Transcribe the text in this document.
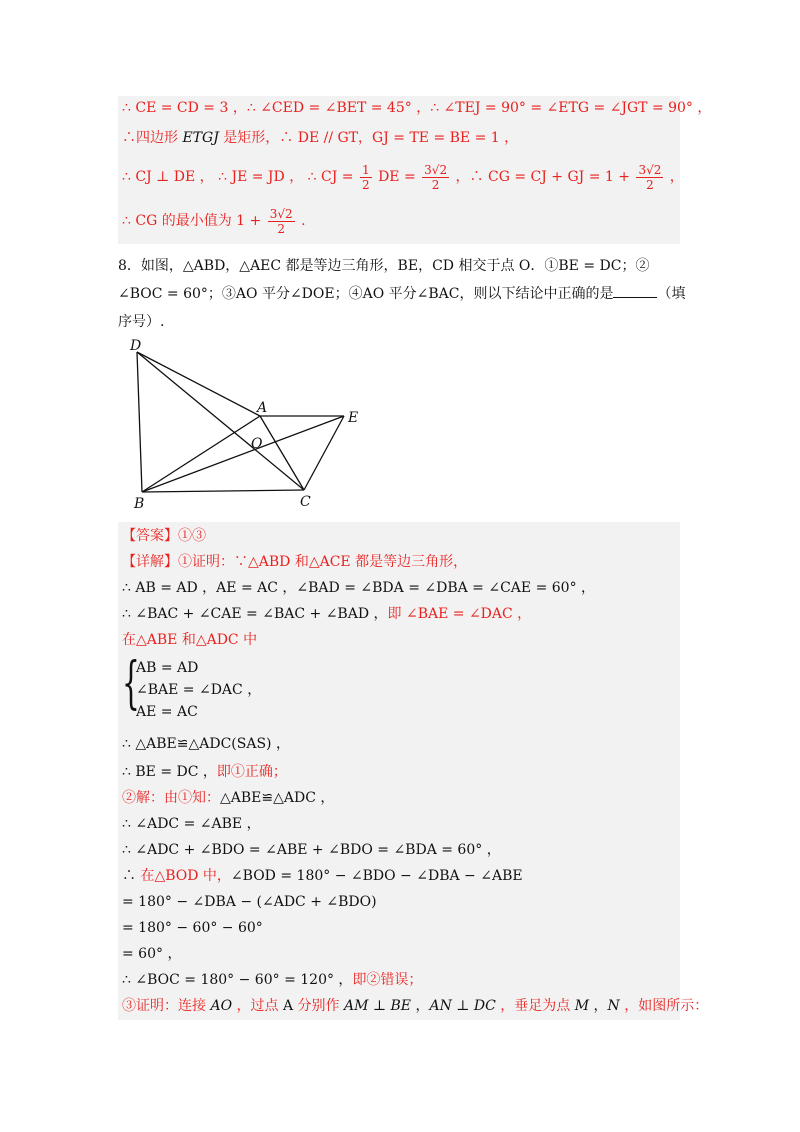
∴ CE = CD = 3 ，∴ ∠CED = ∠BET = 45° ，∴ ∠TEJ = 90° = ∠ETG = ∠JGT = 90° ，
∴四边形 ETGJ 是矩形，∴ DE // GT，GJ = TE = BE = 1 ，
∴ CJ ⊥ DE ， ∴ JE = JD ， ∴ CJ = $\frac{1}{2}$ DE = $\frac{3√2}{2}$ ，∴ CG = CJ + GJ = $1 + \frac{3√2}{2}$ ，
∴ CG 的最小值为 $1 + \frac{3√2}{2}$ .
8．如图，△ABD，△AEC 都是等边三角形，BE，CD 相交于点 O．①BE = DC；②
∠BOC = 60°；③AO 平分∠DOE；④AO 平分∠BAC，则以下结论中正确的是	（填
序号）.
D
A
E
O
B	C
【答案】①③
【详解】①证明：∵△ABD 和△ACE 都是等边三角形，
∴ AB = AD ，AE = AC ，∠BAD = ∠BDA = ∠DBA = ∠CAE = 60° ，
∴ ∠BAC + ∠CAE = ∠BAC + ∠BAD ，即 ∠BAE = ∠DAC ，
在△ABE 和△ADC 中
{
AB = AD
∠BAE = ∠DAC ，
AE = AC
∴ △ABE≌△ADC(SAS) ，
∴ BE = DC ，即①正确；
②解：由①知：△ABE≌△ADC ，
∴ ∠ADC = ∠ABE ，
∴ ∠ADC + ∠BDO = ∠ABE + ∠BDO = ∠BDA = 60° ，
∴ 在△BOD 中，∠BOD = 180° − ∠BDO − ∠DBA − ∠ABE
= 180° − ∠DBA − (∠ADC + ∠BDO)
= 180° − 60° − 60°
= 60° ，
∴ ∠BOC = 180° − 60° = 120° ，即②错误；
③证明：连接 AO ，过点 A 分别作 AM ⊥ BE ，AN ⊥ DC ，垂足为点 M ，N ，如图所示：
